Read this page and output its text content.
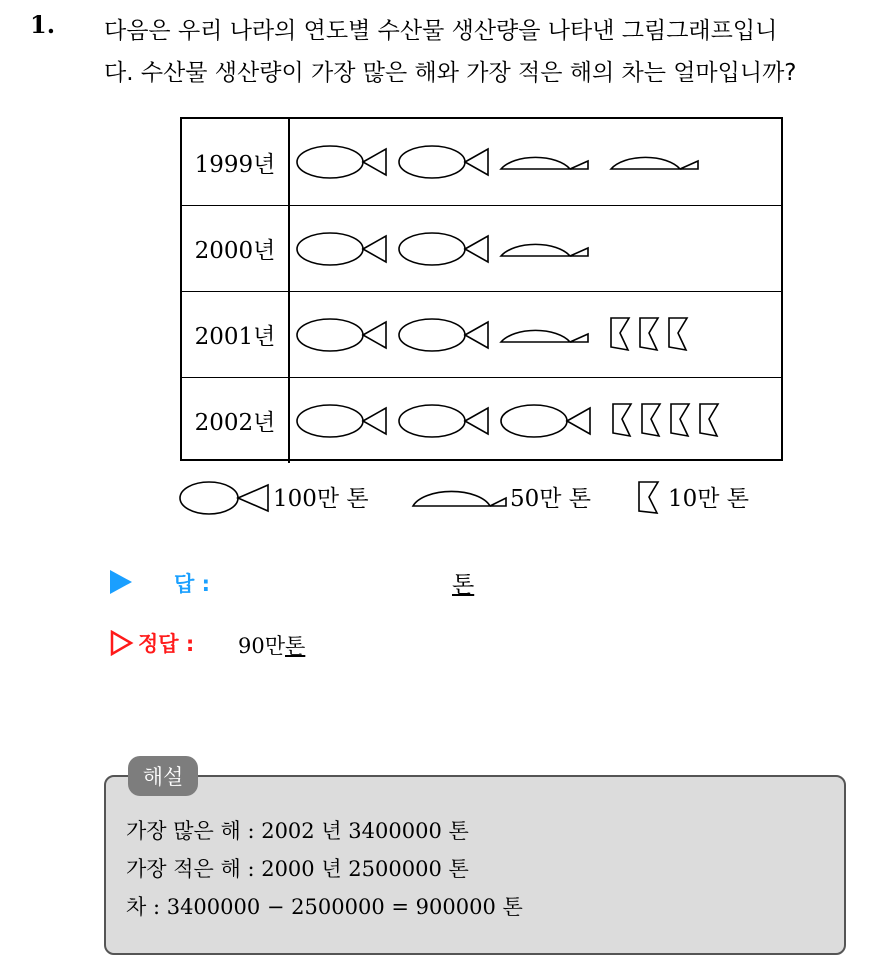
1. 다음은 우리 나라의 연도별 수산물 생산량을 나타낸 그림그래프입니
다. 수산물 생산량이 가장 많은 해와 가장 적은 해의 차는 얼마입니까?
1999년
2000년
2001년
2002년
100만 톤	50만 톤	10만 톤
답 :	톤
정답 : 90만톤
해설
가장 많은 해 : 2002 년 3400000 톤
가장 적은 해 : 2000 년 2500000 톤
차 : 3400000 − 2500000 = 900000 톤
